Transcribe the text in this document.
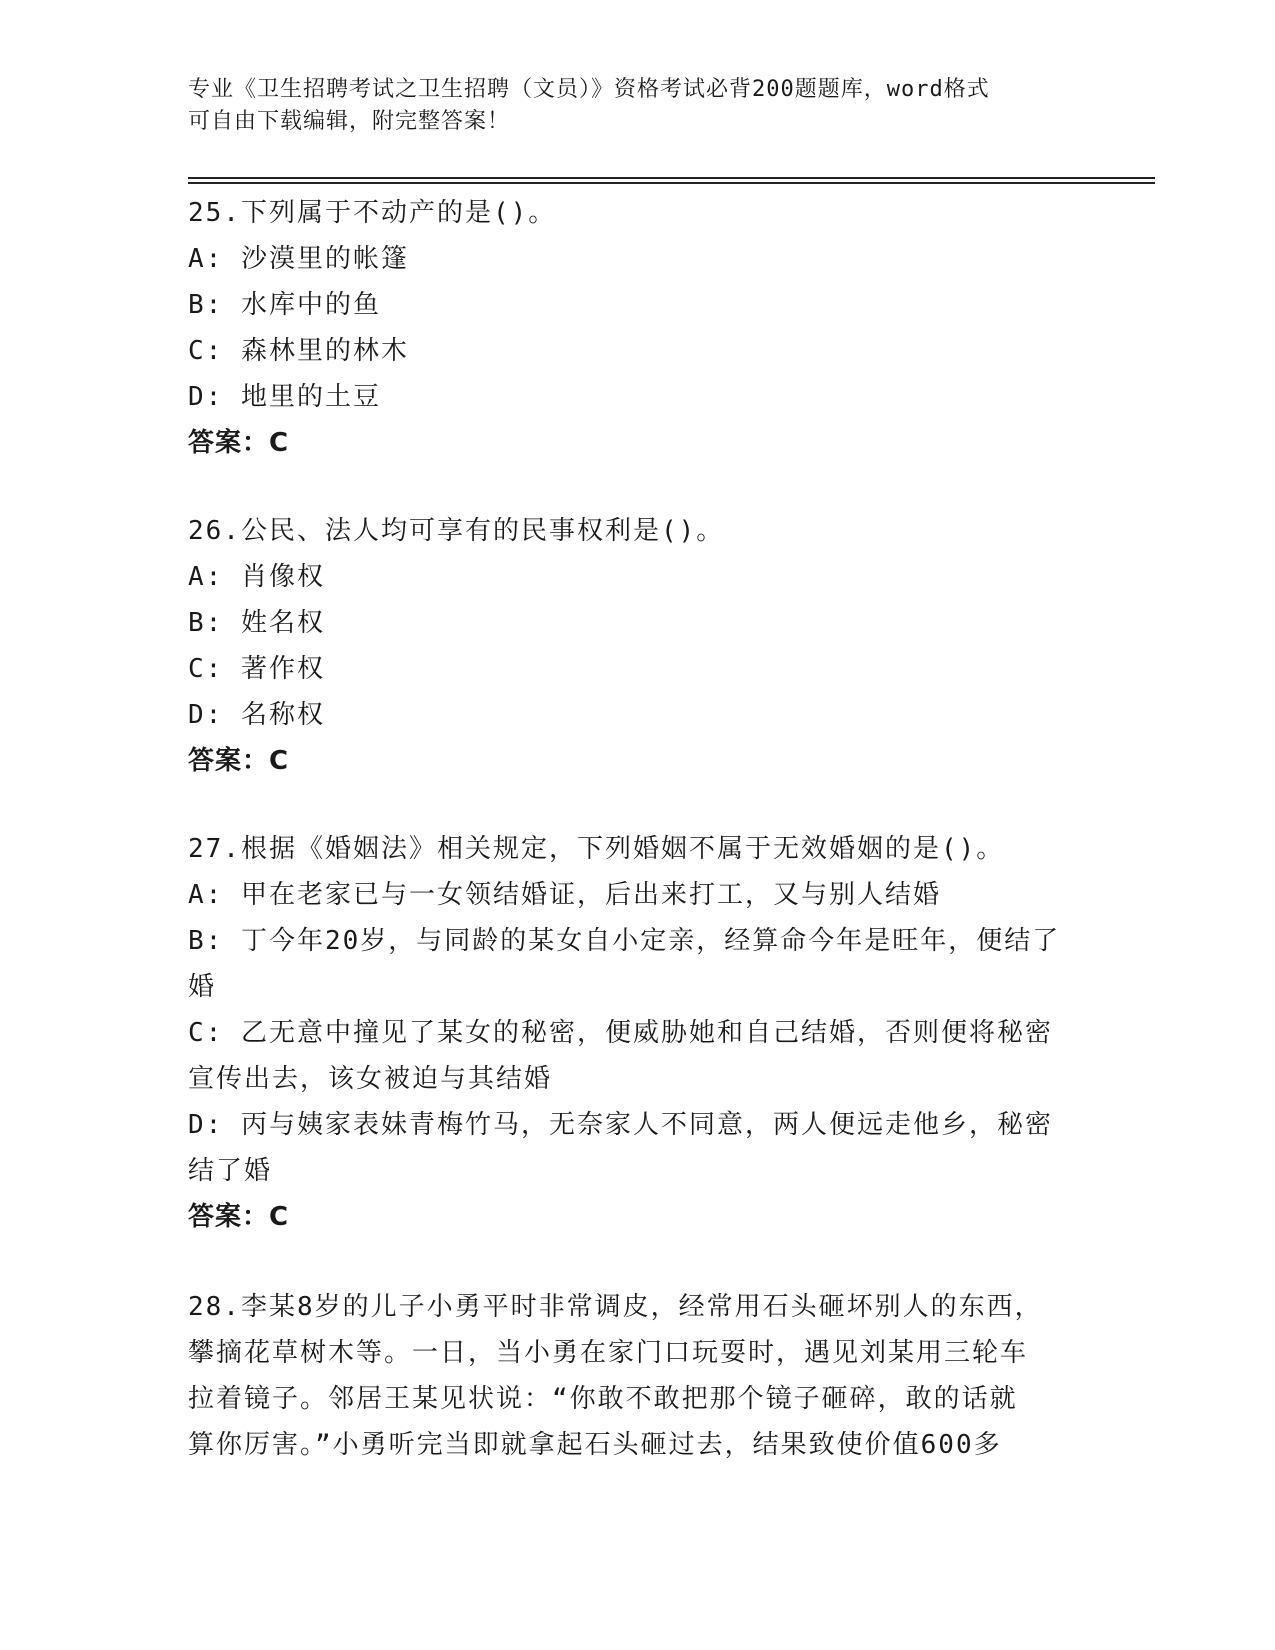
专业《卫生招聘考试之卫生招聘（文员）》资格考试必背200题题库，word格式
可自由下载编辑，附完整答案！
25.下列属于不动产的是()。
A: 沙漠里的帐篷
B: 水库中的鱼
C: 森林里的林木
D: 地里的土豆
答案：C
26.公民、法人均可享有的民事权利是()。
A: 肖像权
B: 姓名权
C: 著作权
D: 名称权
答案：C
27.根据《婚姻法》相关规定，下列婚姻不属于无效婚姻的是()。
A: 甲在老家已与一女领结婚证，后出来打工，又与别人结婚
B: 丁今年20岁，与同龄的某女自小定亲，经算命今年是旺年，便结了婚
C: 乙无意中撞见了某女的秘密，便威胁她和自己结婚，否则便将秘密宣传出去，该女被迫与其结婚
D: 丙与姨家表妹青梅竹马，无奈家人不同意，两人便远走他乡，秘密结了婚
答案：C
28.李某8岁的儿子小勇平时非常调皮，经常用石头砸坏别人的东西，
攀摘花草树木等。一日，当小勇在家门口玩耍时，遇见刘某用三轮车
拉着镜子。邻居王某见状说：“你敢不敢把那个镜子砸碎，敢的话就
算你厉害。”小勇听完当即就拿起石头砸过去，结果致使价值600多
